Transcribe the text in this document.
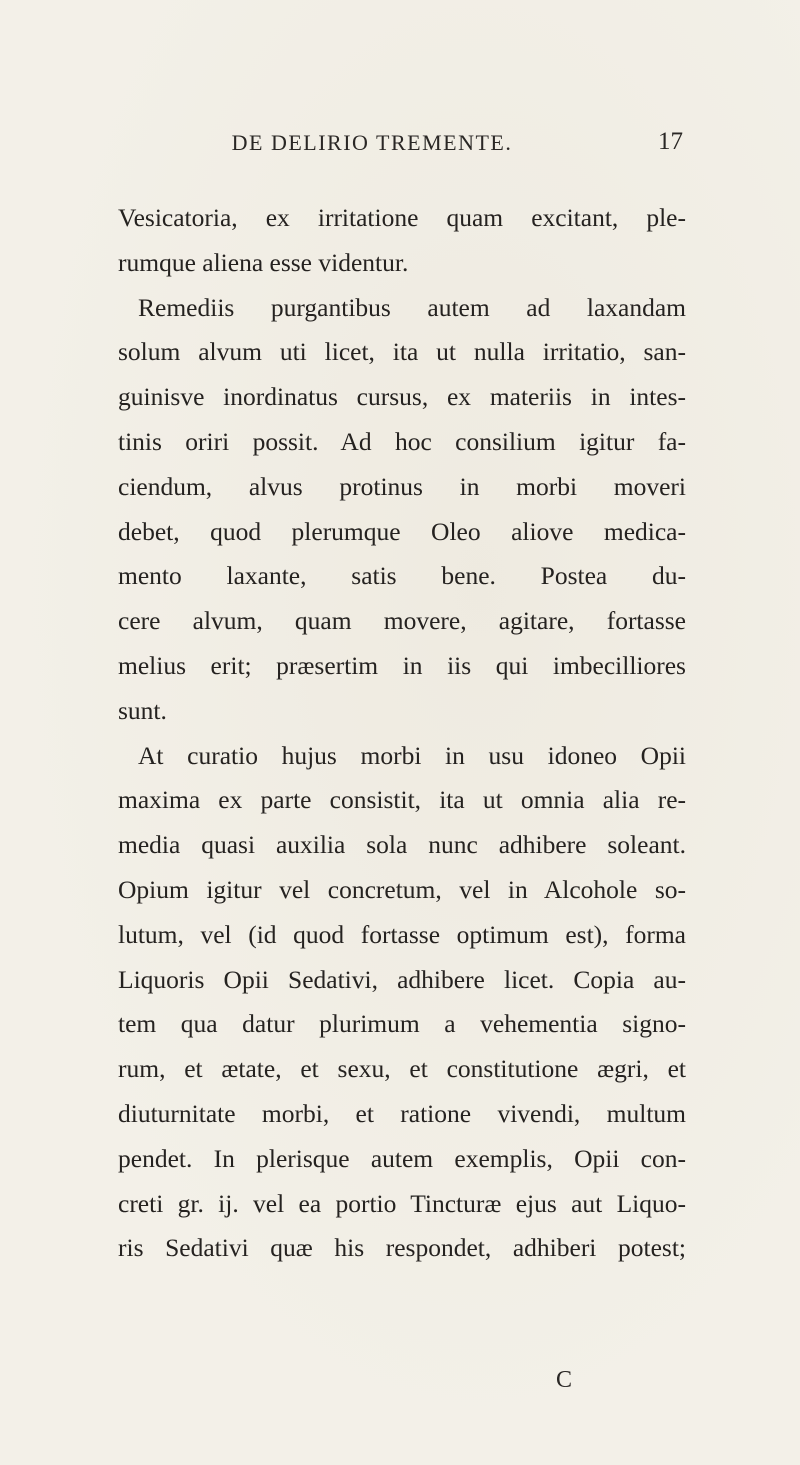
DE DELIRIO TREMENTE.	17
Vesicatoria, ex irritatione quam excitant, ple-
rumque aliena esse videntur.
Remediis purgantibus autem ad laxandam
solum alvum uti licet, ita ut nulla irritatio, san-
guinisve inordinatus cursus, ex materiis in intes-
tinis oriri possit. Ad hoc consilium igitur fa-
ciendum, alvus protinus in morbi moveri
debet, quod plerumque Oleo aliove medica-
mento laxante, satis bene. Postea du-
cere alvum, quam movere, agitare, fortasse
melius erit; præsertim in iis qui imbecilliores
sunt.
At curatio hujus morbi in usu idoneo Opii
maxima ex parte consistit, ita ut omnia alia re-
media quasi auxilia sola nunc adhibere soleant.
Opium igitur vel concretum, vel in Alcohole so-
lutum, vel (id quod fortasse optimum est), forma
Liquoris Opii Sedativi, adhibere licet. Copia au-
tem qua datur plurimum a vehementia signo-
rum, et ætate, et sexu, et constitutione ægri, et
diuturnitate morbi, et ratione vivendi, multum
pendet. In plerisque autem exemplis, Opii con-
creti gr. ij. vel ea portio Tincturæ ejus aut Liquo-
ris Sedativi quæ his respondet, adhiberi potest;
C
